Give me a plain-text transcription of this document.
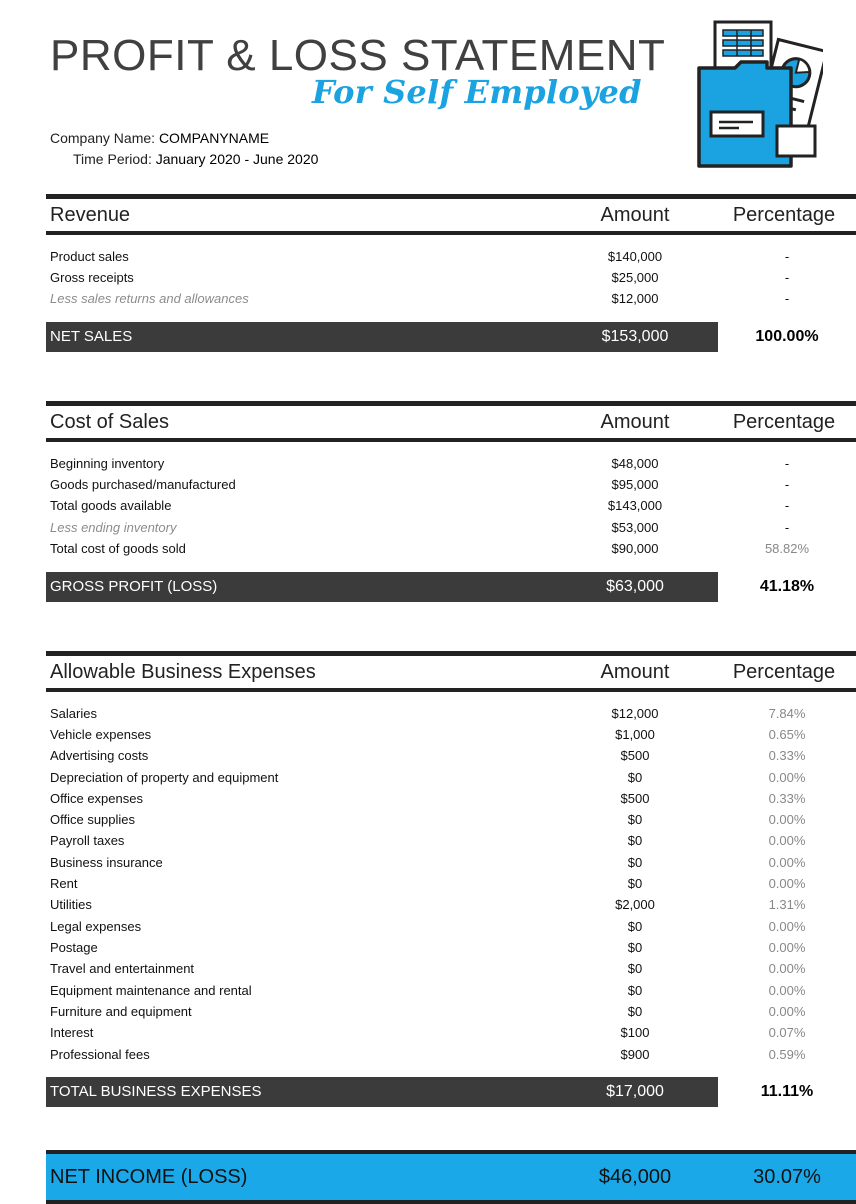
PROFIT & LOSS STATEMENT
For Self Employed
Company Name: COMPANYNAME
Time Period: January 2020 - June 2020
Revenue	Amount	Percentage
Product sales	$140,000	-
Gross receipts	$25,000	-
Less sales returns and allowances	$12,000	-
NET SALES	$153,000	100.00%
Cost of Sales	Amount	Percentage
Beginning inventory	$48,000	-
Goods purchased/manufactured	$95,000	-
Total goods available	$143,000	-
Less ending inventory	$53,000	-
Total cost of goods sold	$90,000	58.82%
GROSS PROFIT (LOSS)	$63,000	41.18%
Allowable Business Expenses	Amount	Percentage
Salaries	$12,000	7.84%
Vehicle expenses	$1,000	0.65%
Advertising costs	$500	0.33%
Depreciation of property and equipment	$0	0.00%
Office expenses	$500	0.33%
Office supplies	$0	0.00%
Payroll taxes	$0	0.00%
Business insurance	$0	0.00%
Rent	$0	0.00%
Utilities	$2,000	1.31%
Legal expenses	$0	0.00%
Postage	$0	0.00%
Travel and entertainment	$0	0.00%
Equipment maintenance and rental	$0	0.00%
Furniture and equipment	$0	0.00%
Interest	$100	0.07%
Professional fees	$900	0.59%
TOTAL BUSINESS EXPENSES	$17,000	11.11%
NET INCOME (LOSS)	$46,000	30.07%
